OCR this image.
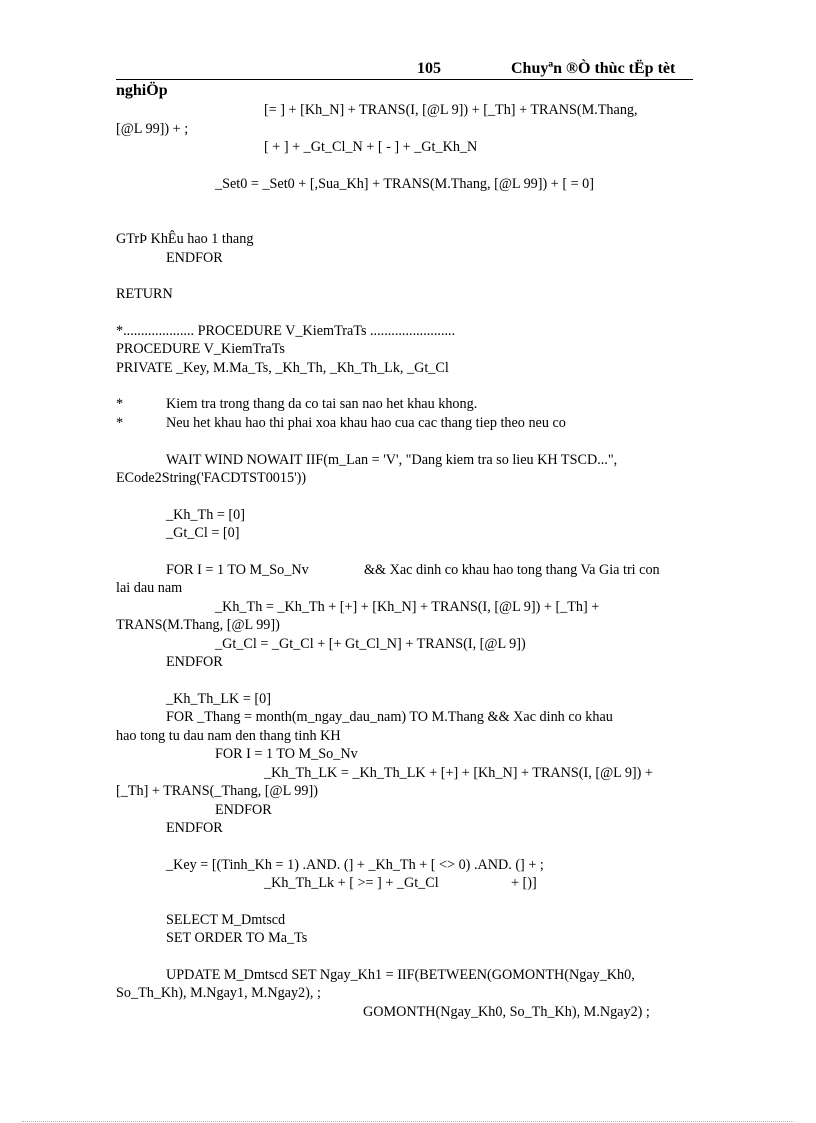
105	Chuyªn ®Ò thùc tËp tèt
nghiÖp
[= ] + [Kh_N] + TRANS(I, [@L 9]) + [_Th] + TRANS(M.Thang,
[@L 99]) + ;
[ + ] + _Gt_Cl_N + [ - ] + _Gt_Kh_N
_Set0 = _Set0 + [,Sua_Kh] + TRANS(M.Thang, [@L 99]) + [ = 0]
GTrÞ KhÊu hao 1 thang
ENDFOR
RETURN
*.................... PROCEDURE V_KiemTraTs ........................
PROCEDURE V_KiemTraTs
PRIVATE _Key, M.Ma_Ts, _Kh_Th, _Kh_Th_Lk, _Gt_Cl
*	Kiem tra trong thang da co tai san nao het khau khong.
*	Neu het khau hao thi phai xoa khau hao cua cac thang tiep theo neu co
WAIT WIND NOWAIT IIF(m_Lan = 'V', "Dang kiem tra so lieu KH TSCD...",
ECode2String('FACDTST0015'))
_Kh_Th = [0]
_Gt_Cl = [0]
FOR I = 1 TO M_So_Nv	&& Xac dinh co khau hao tong thang Va Gia tri con
lai dau nam
_Kh_Th = _Kh_Th + [+] + [Kh_N] + TRANS(I, [@L 9]) + [_Th] +
TRANS(M.Thang, [@L 99])
_Gt_Cl = _Gt_Cl + [+ Gt_Cl_N] + TRANS(I, [@L 9])
ENDFOR
_Kh_Th_LK = [0]
FOR _Thang = month(m_ngay_dau_nam) TO M.Thang && Xac dinh co khau
hao tong tu dau nam den thang tinh KH
FOR I = 1 TO M_So_Nv
_Kh_Th_LK = _Kh_Th_LK + [+] + [Kh_N] + TRANS(I, [@L 9]) +
[_Th] + TRANS(_Thang, [@L 99])
ENDFOR
ENDFOR
_Key = [(Tinh_Kh = 1) .AND. (] + _Kh_Th + [ <> 0) .AND. (] + ;
_Kh_Th_Lk + [ >= ] + _Gt_Cl	+ [)]
SELECT M_Dmtscd
SET ORDER TO Ma_Ts
UPDATE M_Dmtscd SET Ngay_Kh1 = IIF(BETWEEN(GOMONTH(Ngay_Kh0,
So_Th_Kh), M.Ngay1, M.Ngay2), ;
GOMONTH(Ngay_Kh0, So_Th_Kh), M.Ngay2) ;
